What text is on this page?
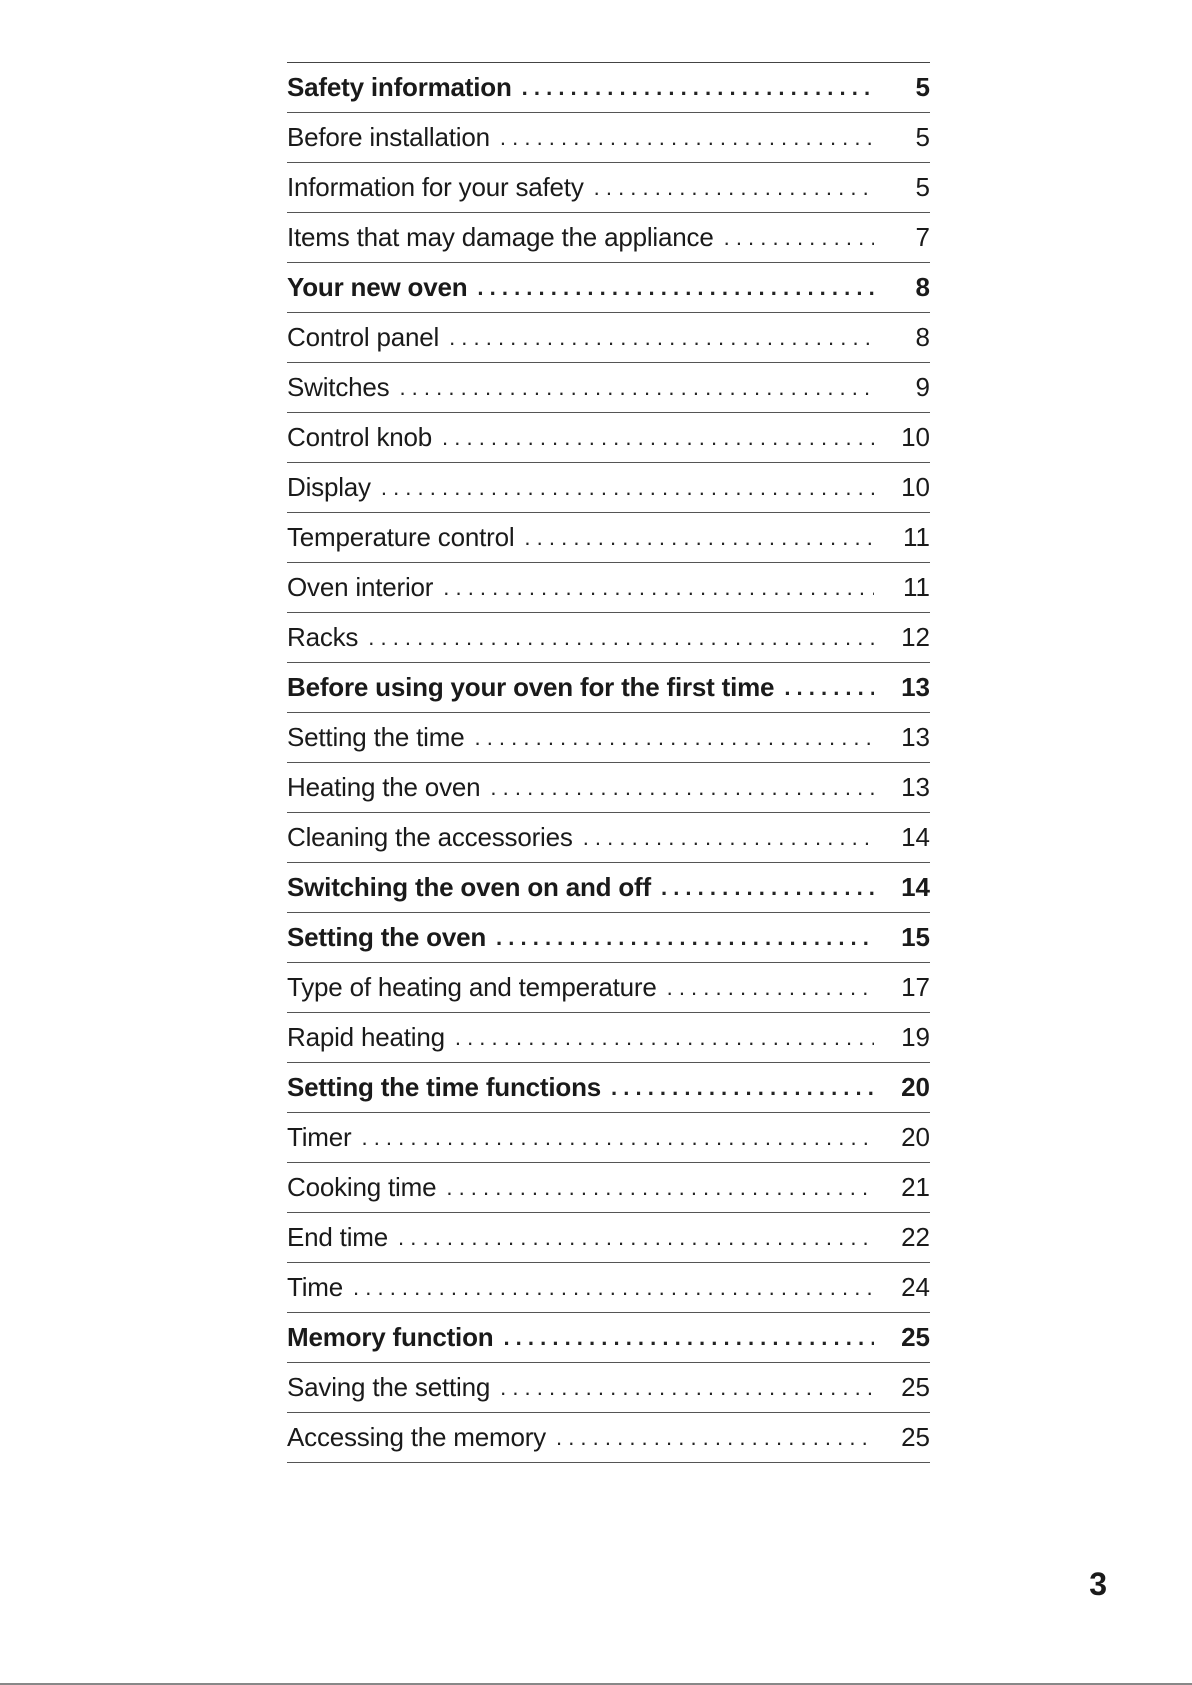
Safety information . . .	5
Before installation . . .	5
Information for your safety . . .	5
Items that may damage the appliance . . .	7
Your new oven . . .	8
Control panel . . .	8
Switches . . .	9
Control knob . . .	10
Display . . .	10
Temperature control . . .	11
Oven interior . . .	11
Racks . . .	12
Before using your oven for the first time . . .	13
Setting the time . . .	13
Heating the oven . . .	13
Cleaning the accessories . . .	14
Switching the oven on and off . . .	14
Setting the oven . . .	15
Type of heating and temperature . . .	17
Rapid heating . . .	19
Setting the time functions . . .	20
Timer . . .	20
Cooking time . . .	21
End time . . .	22
Time . . .	24
Memory function . . .	25
Saving the setting . . .	25
Accessing the memory . . .	25
3
